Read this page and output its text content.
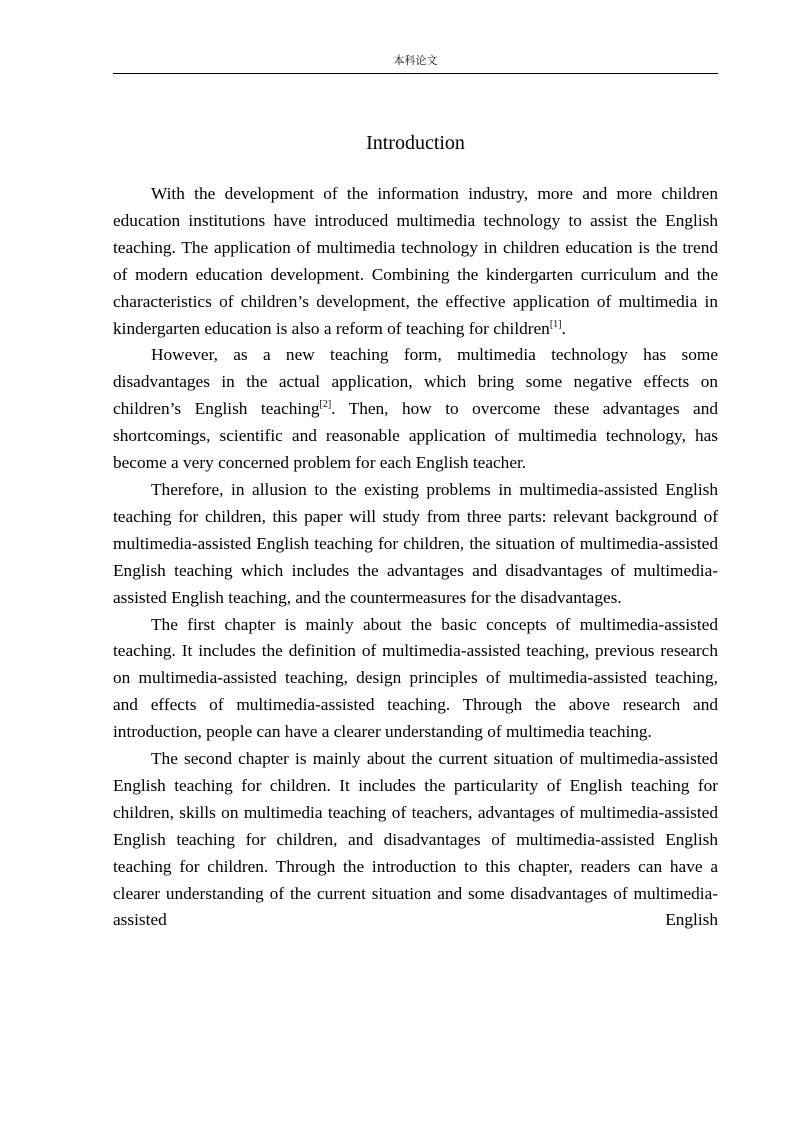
本科论文
Introduction

With the development of the information industry, more and more children education institutions have introduced multimedia technology to assist the English teaching. The application of multimedia technology in children education is the trend of modern education development. Combining the kindergarten curriculum and the characteristics of children’s development, the effective application of multimedia in kindergarten education is also a reform of teaching for children[1].

However, as a new teaching form, multimedia technology has some disadvantages in the actual application, which bring some negative effects on children’s English teaching[2]. Then, how to overcome these advantages and shortcomings, scientific and reasonable application of multimedia technology, has become a very concerned problem for each English teacher.

Therefore, in allusion to the existing problems in multimedia-assisted English teaching for children, this paper will study from three parts: relevant background of multimedia-assisted English teaching for children, the situation of multimedia-assisted English teaching which includes the advantages and disadvantages of multimedia-assisted English teaching, and the countermeasures for the disadvantages.

The first chapter is mainly about the basic concepts of multimedia-assisted teaching. It includes the definition of multimedia-assisted teaching, previous research on multimedia-assisted teaching, design principles of multimedia-assisted teaching, and effects of multimedia-assisted teaching. Through the above research and introduction, people can have a clearer understanding of multimedia teaching.

The second chapter is mainly about the current situation of multimedia-assisted English teaching for children. It includes the particularity of English teaching for children, skills on multimedia teaching of teachers, advantages of multimedia-assisted English teaching for children, and disadvantages of multimedia-assisted English teaching for children. Through the introduction to this chapter, readers can have a clearer understanding of the current situation and some disadvantages of multimedia-assisted English
